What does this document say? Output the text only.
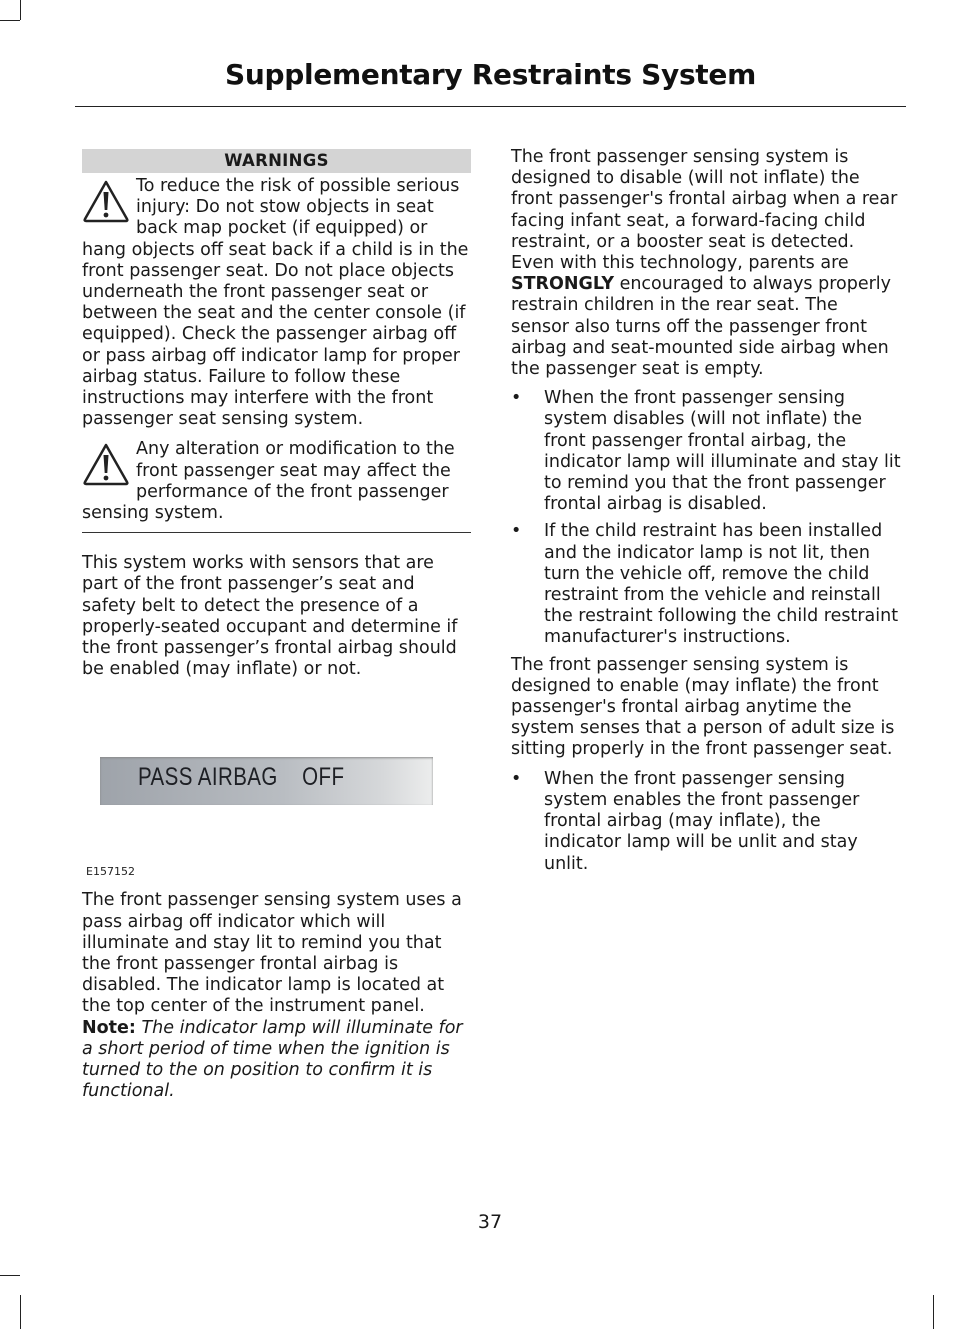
Supplementary Restraints System
WARNINGS

To reduce the risk of possible serious injury: Do not stow objects in seat back map pocket (if equipped) or hang objects off seat back if a child is in the front passenger seat. Do not place objects underneath the front passenger seat or between the seat and the center console (if equipped). Check the passenger airbag off or pass airbag off indicator lamp for proper airbag status. Failure to follow these instructions may interfere with the front passenger seat sensing system.

Any alteration or modification to the front passenger seat may affect the performance of the front passenger sensing system.

This system works with sensors that are part of the front passenger’s seat and safety belt to detect the presence of a properly-seated occupant and determine if the front passenger’s frontal airbag should be enabled (may inflate) or not.

PASS AIRBAG OFF
E157152

The front passenger sensing system uses a pass airbag off indicator which will illuminate and stay lit to remind you that the front passenger frontal airbag is disabled. The indicator lamp is located at the top center of the instrument panel.

Note: The indicator lamp will illuminate for a short period of time when the ignition is turned to the on position to confirm it is functional.

The front passenger sensing system is designed to disable (will not inflate) the front passenger's frontal airbag when a rear facing infant seat, a forward-facing child restraint, or a booster seat is detected. Even with this technology, parents are STRONGLY encouraged to always properly restrain children in the rear seat. The sensor also turns off the passenger front airbag and seat-mounted side airbag when the passenger seat is empty.

• When the front passenger sensing system disables (will not inflate) the front passenger frontal airbag, the indicator lamp will illuminate and stay lit to remind you that the front passenger frontal airbag is disabled.
• If the child restraint has been installed and the indicator lamp is not lit, then turn the vehicle off, remove the child restraint from the vehicle and reinstall the restraint following the child restraint manufacturer's instructions.

The front passenger sensing system is designed to enable (may inflate) the front passenger's frontal airbag anytime the system senses that a person of adult size is sitting properly in the front passenger seat.

• When the front passenger sensing system enables the front passenger frontal airbag (may inflate), the indicator lamp will be unlit and stay unlit.
37
